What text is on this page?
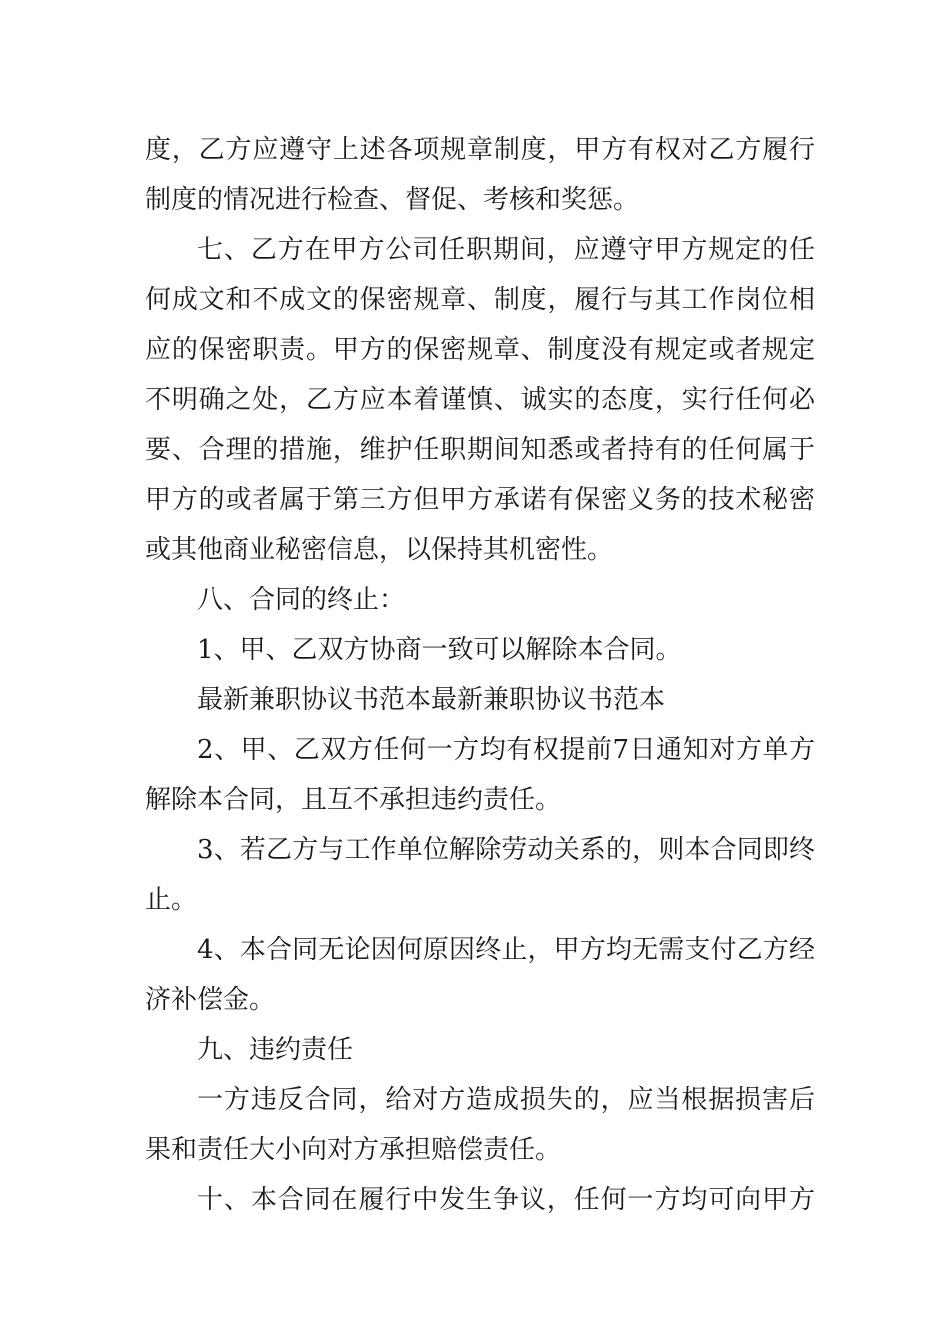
度，乙方应遵守上述各项规章制度，甲方有权对乙方履行
制度的情况进行检查、督促、考核和奖惩。
七、乙方在甲方公司任职期间，应遵守甲方规定的任
何成文和不成文的保密规章、制度，履行与其工作岗位相
应的保密职责。甲方的保密规章、制度没有规定或者规定
不明确之处，乙方应本着谨慎、诚实的态度，实行任何必
要、合理的措施，维护任职期间知悉或者持有的任何属于
甲方的或者属于第三方但甲方承诺有保密义务的技术秘密
或其他商业秘密信息，以保持其机密性。
八、合同的终止：
1、甲、乙双方协商一致可以解除本合同。
最新兼职协议书范本最新兼职协议书范本
2、甲、乙双方任何一方均有权提前7日通知对方单方
解除本合同，且互不承担违约责任。
3、若乙方与工作单位解除劳动关系的，则本合同即终
止。
4、本合同无论因何原因终止，甲方均无需支付乙方经
济补偿金。
九、违约责任
一方违反合同，给对方造成损失的，应当根据损害后
果和责任大小向对方承担赔偿责任。
十、本合同在履行中发生争议，任何一方均可向甲方
